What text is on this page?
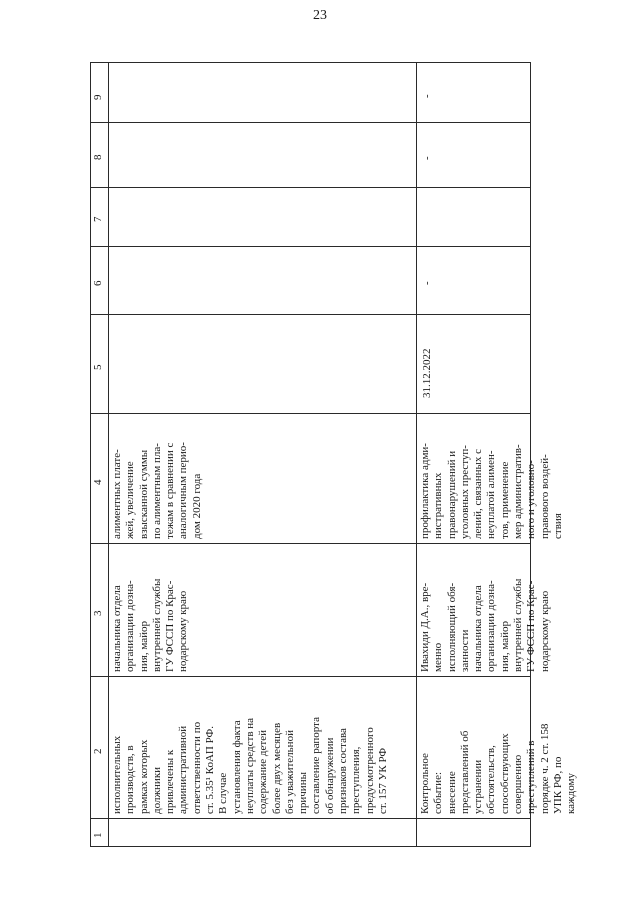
23
1
2
3
4
5
6
7
8
9
исполнительных производств, в рамках которых должники привлечены к административной ответственности по ст. 5.35¹ КоАП РФ. В случае установления факта неуплаты средств на содержание детей более двух месяцев без уважительной причины составление рапорта об обнаружении признаков состава преступления, предусмотренного ст. 157 УК РФ
начальника отдела организации дозна- ния, майор внутренней службы ГУ ФССП по Крас- нодарскому краю
алиментных плате- жей, увеличение взысканной суммы по алиментным пла- тежам в сравнении с аналогичным перио- дом 2020 года
Контрольное событие: внесение представлений об устранении обстоятельств, способствующих совершению преступлений в порядке ч. 2 ст. 158 УПК РФ, по каждому
Ивахиди Д.А., вре- менно исполняющий обя- занности начальника отдела организации дозна- ния, майор внутренней службы ГУ ФССП по Крас- нодарскому краю
профилактика адми- нистративных правонарушений и уголовных преступ- лений, связанных с неуплатой алимен- тов, применение мер административ- ного и уголовно- правового воздей- ствия
31.12.2022
-
-
-
